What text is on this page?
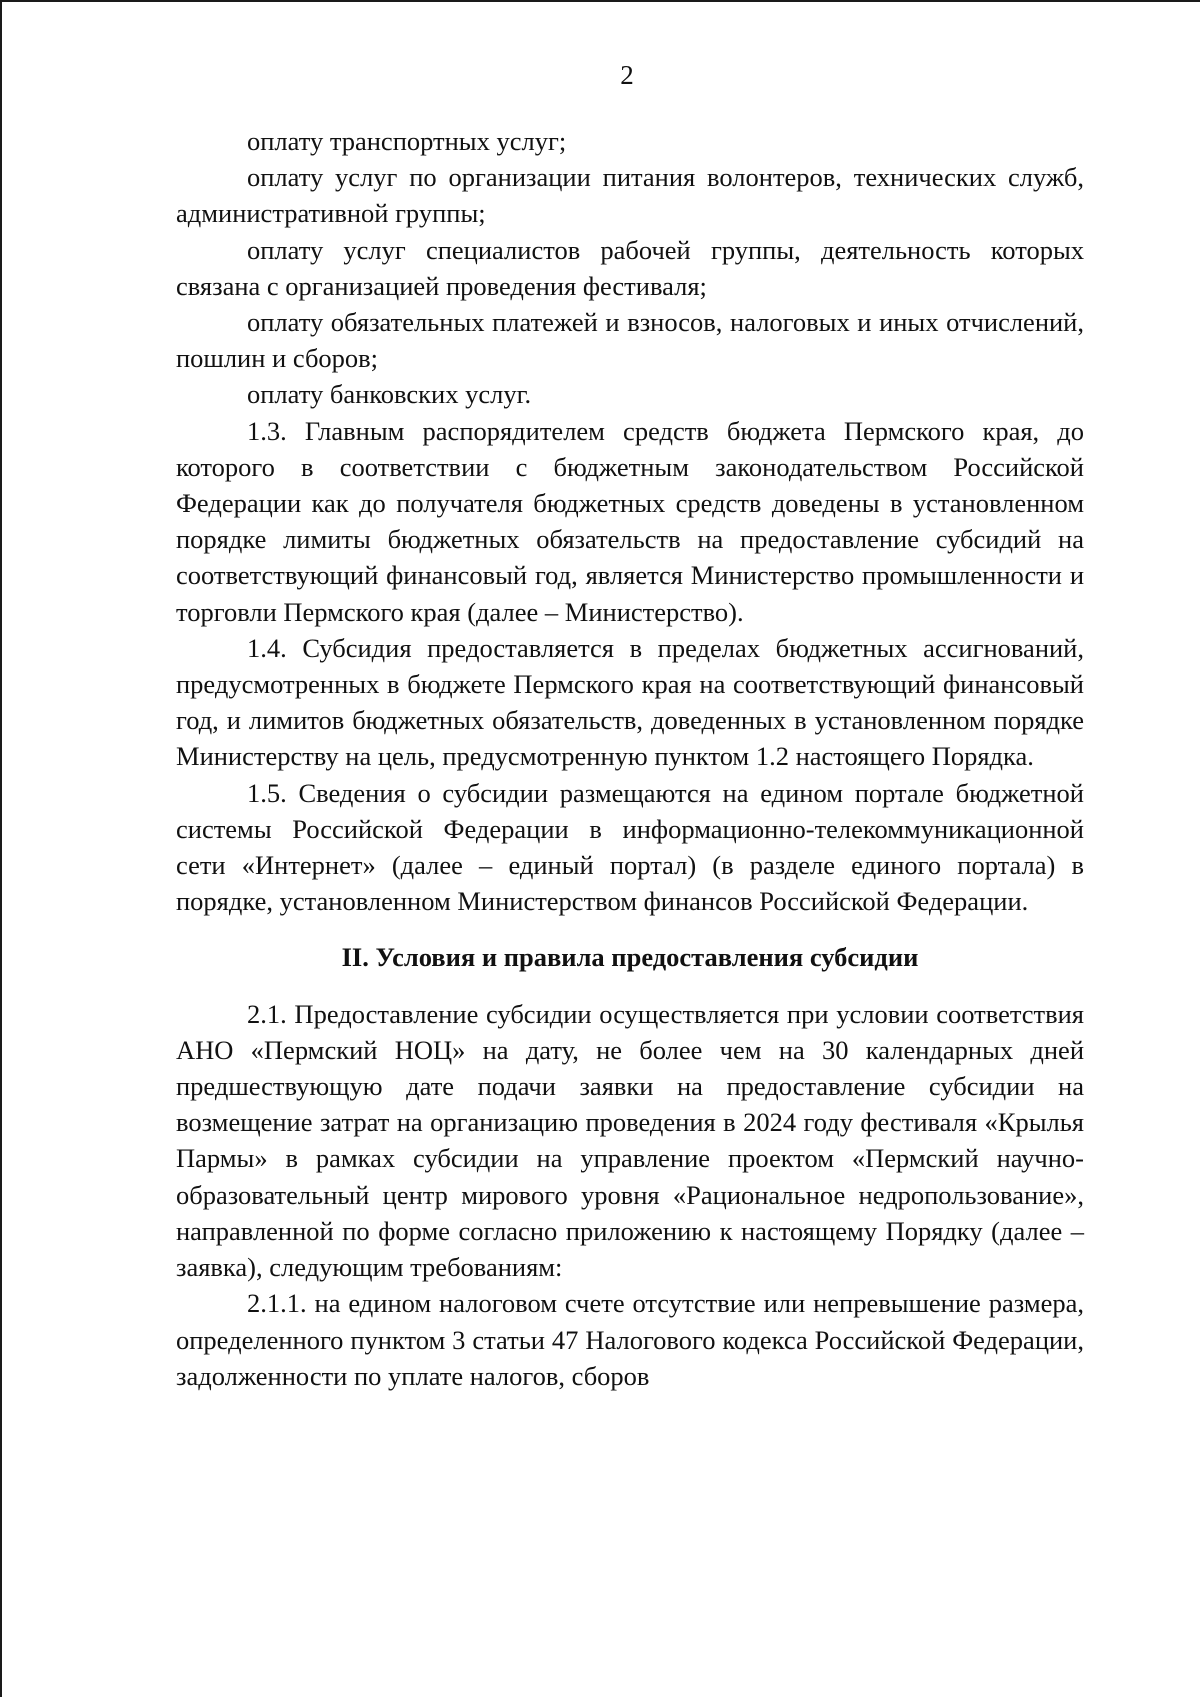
2

оплату транспортных услуг;

оплату услуг по организации питания волонтеров, технических служб, административной группы;

оплату услуг специалистов рабочей группы, деятельность которых связана с организацией проведения фестиваля;

оплату обязательных платежей и взносов, налоговых и иных отчислений, пошлин и сборов;

оплату банковских услуг.

1.3. Главным распорядителем средств бюджета Пермского края, до которого в соответствии с бюджетным законодательством Российской Федерации как до получателя бюджетных средств доведены в установленном порядке лимиты бюджетных обязательств на предоставление субсидий на соответствующий финансовый год, является Министерство промышленности и торговли Пермского края (далее – Министерство).

1.4. Субсидия предоставляется в пределах бюджетных ассигнований, предусмотренных в бюджете Пермского края на соответствующий финансовый год, и лимитов бюджетных обязательств, доведенных в установленном порядке Министерству на цель, предусмотренную пунктом 1.2 настоящего Порядка.

1.5. Сведения о субсидии размещаются на едином портале бюджетной системы Российской Федерации в информационно-телекоммуникационной сети «Интернет» (далее – единый портал) (в разделе единого портала) в порядке, установленном Министерством финансов Российской Федерации.

II. Условия и правила предоставления субсидии

2.1. Предоставление субсидии осуществляется при условии соответствия АНО «Пермский НОЦ» на дату, не более чем на 30 календарных дней предшествующую дате подачи заявки на предоставление субсидии на возмещение затрат на организацию проведения в 2024 году фестиваля «Крылья Пармы» в рамках субсидии на управление проектом «Пермский научно-образовательный центр мирового уровня «Рациональное недропользование», направленной по форме согласно приложению к настоящему Порядку (далее – заявка), следующим требованиям:

2.1.1. на едином налоговом счете отсутствие или непревышение размера, определенного пунктом 3 статьи 47 Налогового кодекса Российской Федерации, задолженности по уплате налогов, сборов
